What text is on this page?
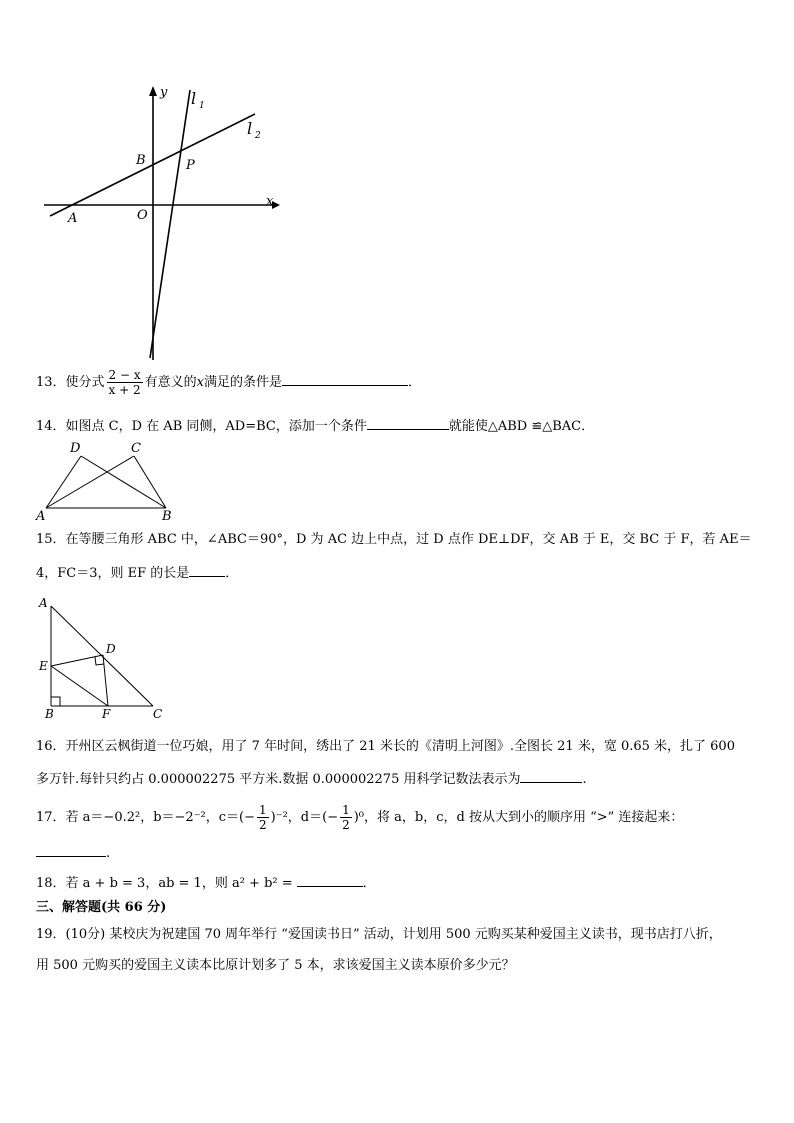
y
x
l 1
l 2
B	P
A	O
13．使分式 $\frac{2 - x}{x + 2}$ 有意义的x满足的条件是	．
14．如图点 C，D 在 AB 同侧，AD=BC，添加一个条件	就能使△ABD ≌△BAC．
D	C
A	B
15．在等腰三角形 ABC 中，∠ABC＝90°，D 为 AC 边上中点，过 D 点作 DE⊥DF，交 AB 于 E，交 BC 于 F，若 AE＝
4，FC＝3，则 EF 的长是	．
A
E
D
B	F	C
16．开州区云枫街道一位巧娘，用了 7 年时间，绣出了 21 米长的《清明上河图》.全图长 21 米，宽 0.65 米，扎了 600
多万针.每针只约占 0.000002275 平方米.数据 0.000002275 用科学记数法表示为	.
17．若 a＝−0.2²，b＝−2⁻²，$c=(- \frac{1}{2} )^{-2}$，$d=(- \frac{1}{2} )^0$，将 a，b，c，d 按从大到小的顺序用 “>” 连接起来：
.
18．若 a + b = 3，ab = 1，则 a² + b² =	．
三、解答题(共 66 分)
19．(10分) 某校庆为祝建国 70 周年举行 “爱国读书日” 活动，计划用 500 元购买某种爱国主义读书，现书店打八折，
用 500 元购买的爱国主义读本比原计划多了 5 本，求该爱国主义读本原价多少元？
